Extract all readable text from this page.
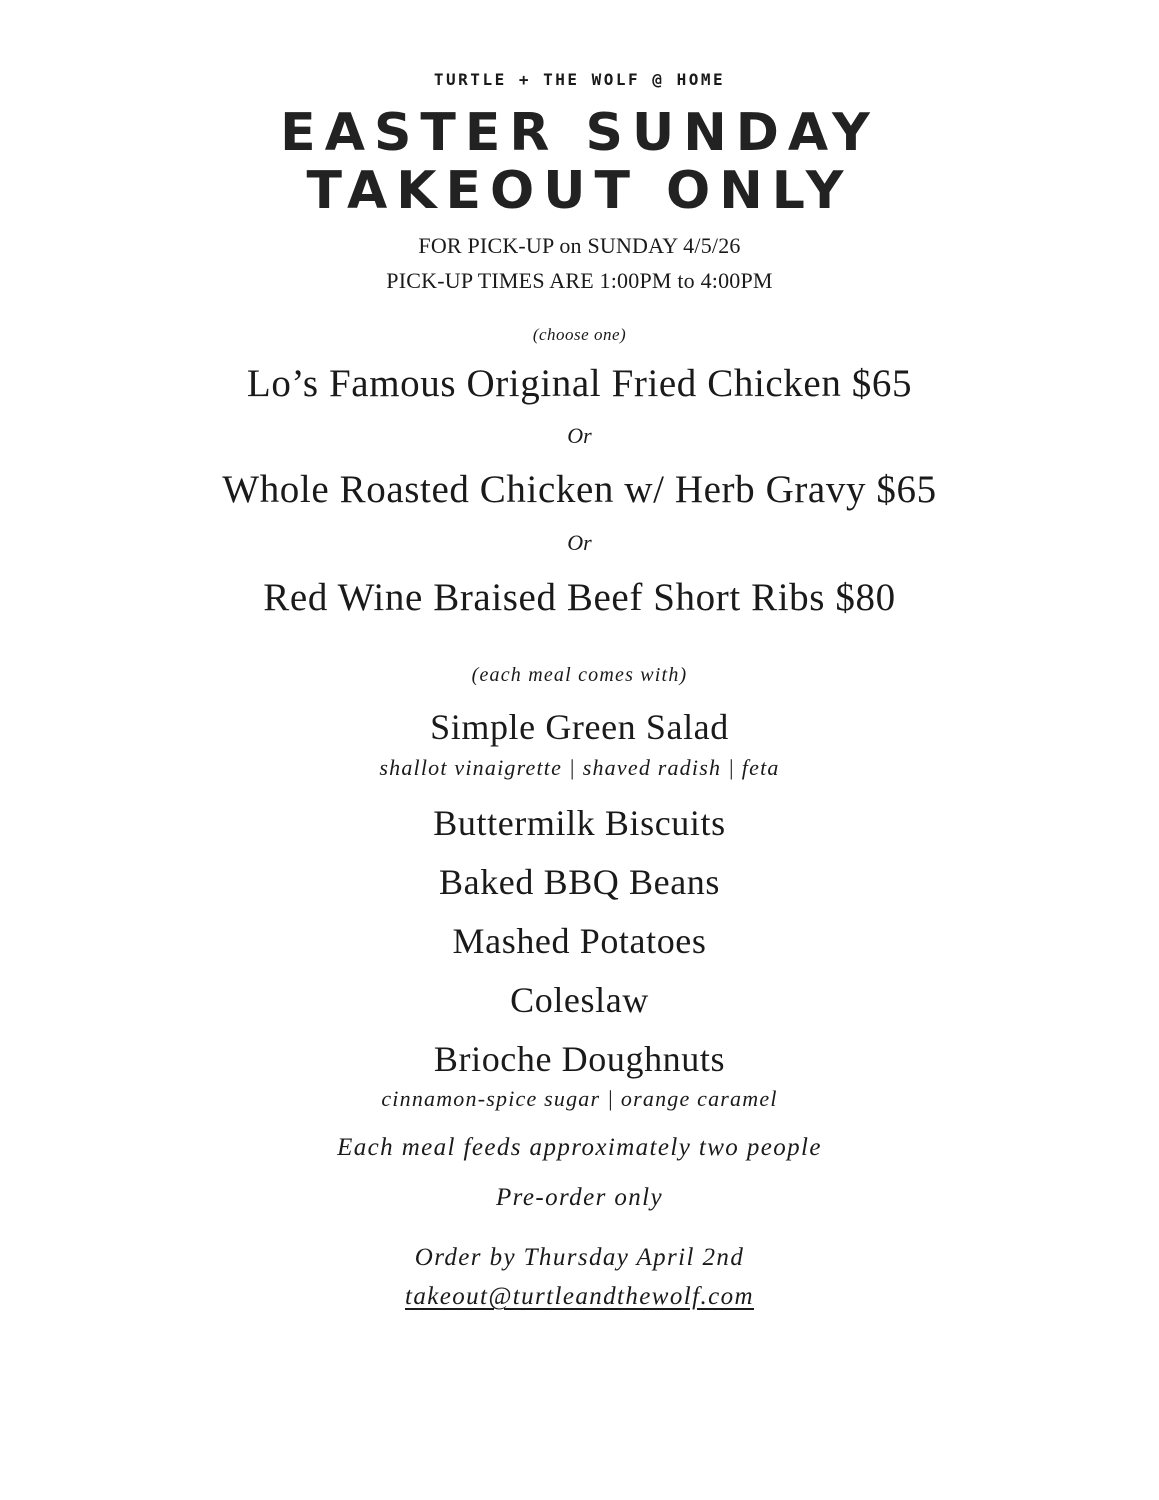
TURTLE + THE WOLF @ HOME
EASTER SUNDAY
TAKEOUT ONLY
FOR PICK-UP on SUNDAY 4/5/26
PICK-UP TIMES ARE 1:00PM to 4:00PM
(choose one)
Lo’s Famous Original Fried Chicken $65
Or
Whole Roasted Chicken w/ Herb Gravy $65
Or
Red Wine Braised Beef Short Ribs $80
(each meal comes with)
Simple Green Salad
shallot vinaigrette | shaved radish | feta
Buttermilk Biscuits
Baked BBQ Beans
Mashed Potatoes
Coleslaw
Brioche Doughnuts
cinnamon-spice sugar | orange caramel
Each meal feeds approximately two people
Pre-order only
Order by Thursday April 2nd
takeout@turtleandthewolf.com
